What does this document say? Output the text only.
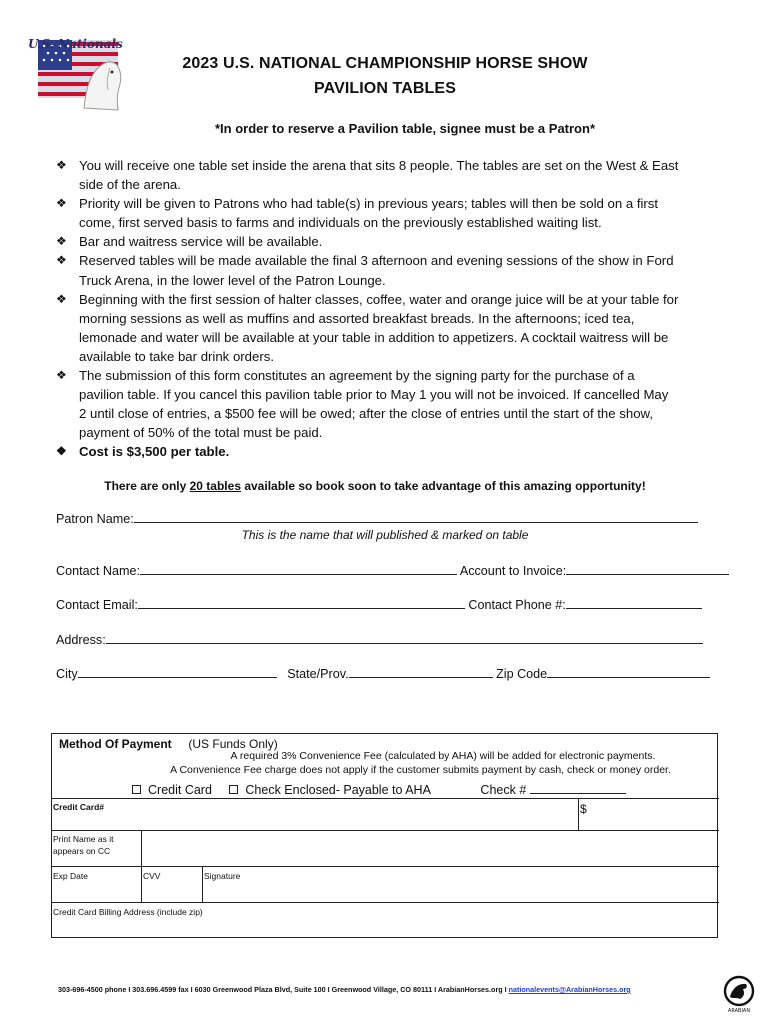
U.S. Nationals
2023 U.S. NATIONAL CHAMPIONSHIP HORSE SHOW
PAVILION TABLES
*In order to reserve a Pavilion table, signee must be a Patron*
❖ You will receive one table set inside the arena that sits 8 people. The tables are set on the West & East
side of the arena.
❖ Priority will be given to Patrons who had table(s) in previous years; tables will then be sold on a first
come, first served basis to farms and individuals on the previously established waiting list.
❖ Bar and waitress service will be available.
❖ Reserved tables will be made available the final 3 afternoon and evening sessions of the show in Ford
Truck Arena, in the lower level of the Patron Lounge.
❖ Beginning with the first session of halter classes, coffee, water and orange juice will be at your table for
morning sessions as well as muffins and assorted breakfast breads. In the afternoons; iced tea,
lemonade and water will be available at your table in addition to appetizers. A cocktail waitress will be
available to take bar drink orders.
❖ The submission of this form constitutes an agreement by the signing party for the purchase of a
pavilion table. If you cancel this pavilion table prior to May 1 you will not be invoiced. If cancelled May
2 until close of entries, a $500 fee will be owed; after the close of entries until the start of the show,
payment of 50% of the total must be paid.
❖ Cost is $3,500 per table.
There are only 20 tables available so book soon to take advantage of this amazing opportunity!
Patron Name:
This is the name that will published & marked on table
Contact Name:	Account to Invoice:
Contact Email:	Contact Phone #:
Address:
City	State/Prov.	Zip Code
Method Of Payment (US Funds Only)
A required 3% Convenience Fee (calculated by AHA) will be added for electronic payments.
A Convenience Fee charge does not apply if the customer submits payment by cash, check or money order.
Credit Card	Check Enclosed- Payable to AHA	Check #
Credit Card#	$
Print Name as it
appears on CC
Exp Date	CVV	Signature
Credit Card Billing Address (include zip)
303-696-4500 phone I 303.696.4599 fax I 6030 Greenwood Plaza Blvd, Suite 100 I Greenwood Village, CO 80111 I ArabianHorses.org I nationalevents@ArabianHorses.org
ARABIAN
